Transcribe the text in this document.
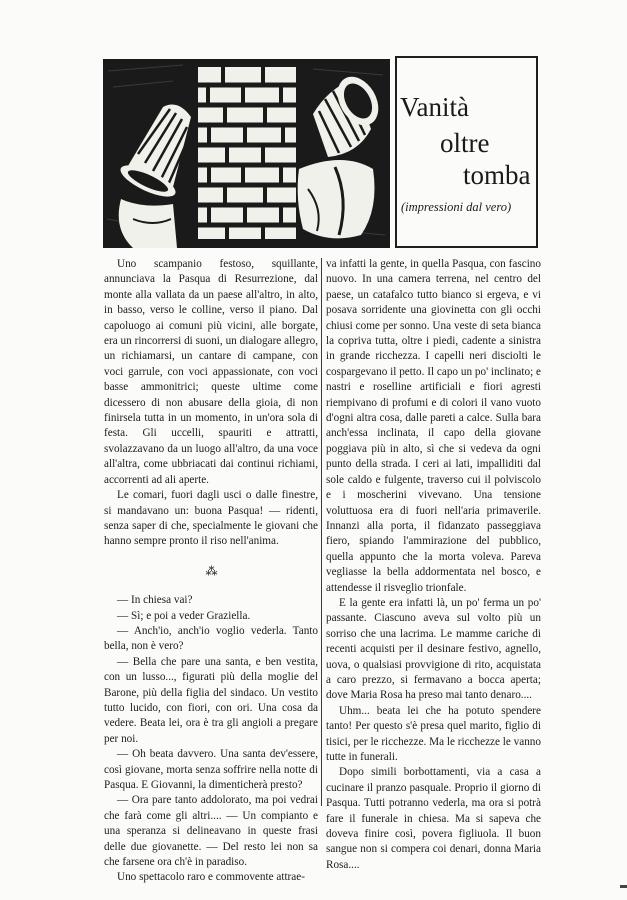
Vanità
oltre
tomba
(impressioni dal vero)

Uno scampanio festoso, squillante, annunciava la Pasqua di Resurrezione, dal monte alla vallata da un paese all'altro, in alto, in basso, verso le colline, verso il piano. Dal capoluogo ai comuni più vicini, alle borgate, era un rincorrersi di suoni, un dialogare allegro, un richiamarsi, un cantare di campane, con voci garrule, con voci appassionate, con voci basse ammonitrici; queste ultime come dicessero di non abusare della gioia, di non finirsela tutta in un momento, in un'ora sola di festa. Gli uccelli, spauriti e attratti, svolazzavano da un luogo all'altro, da una voce all'altra, come ubbriacati dai continui richiami, accorrenti ad ali aperte.

Le comari, fuori dagli usci o dalle finestre, si mandavano un: buona Pasqua! — ridenti, senza saper di che, specialmente le giovani che hanno sempre pronto il riso nell'anima.

⁂

— In chiesa vai?

— Sì; e poi a veder Graziella.

— Anch'io, anch'io voglio vederla. Tanto bella, non è vero?

— Bella che pare una santa, e ben vestita, con un lusso..., figurati più della moglie del Barone, più della figlia del sindaco. Un vestito tutto lucido, con fiori, con ori. Una cosa da vedere. Beata lei, ora è tra gli angioli a pregare per noi.

— Oh beata davvero. Una santa dev'essere, così giovane, morta senza soffrire nella notte di Pasqua. E Giovanni, la dimenticherà presto?

— Ora pare tanto addolorato, ma poi vedrai che farà come gli altri.... — Un compianto e una speranza si delineavano in queste frasi delle due giovanette. — Del resto lei non sa che farsene ora ch'è in paradiso.

Uno spettacolo raro e commovente attrae-

va infatti la gente, in quella Pasqua, con fascino nuovo. In una camera terrena, nel centro del paese, un catafalco tutto bianco si ergeva, e vi posava sorridente una giovinetta con gli occhi chiusi come per sonno. Una veste di seta bianca la copriva tutta, oltre i piedi, cadente a sinistra in grande ricchezza. I capelli neri disciolti le cospargevano il petto. Il capo un po' inclinato; e nastri e roselline artificiali e fiori agresti riempivano di profumi e di colori il vano vuoto d'ogni altra cosa, dalle pareti a calce. Sulla bara anch'essa inclinata, il capo della giovane poggiava più in alto, sì che si vedeva da ogni punto della strada. I ceri ai lati, impalliditi dal sole caldo e fulgente, traverso cui il polviscolo e i moscherini vivevano. Una tensione voluttuosa era di fuori nell'aria primaverile. Innanzi alla porta, il fidanzato passeggiava fiero, spiando l'ammirazione del pubblico, quella appunto che la morta voleva. Pareva vegliasse la bella addormentata nel bosco, e attendesse il risveglio trionfale.

E la gente era infatti là, un po' ferma un po' passante. Ciascuno aveva sul volto più un sorriso che una lacrima. Le mamme cariche di recenti acquisti per il desinare festivo, agnello, uova, o qualsiasi provvigione di rito, acquistata a caro prezzo, si fermavano a bocca aperta; dove Maria Rosa ha preso mai tanto denaro....

Uhm... beata lei che ha potuto spendere tanto! Per questo s'è presa quel marito, figlio di tisici, per le ricchezze. Ma le ricchezze le vanno tutte in funerali.

Dopo simili borbottamenti, via a casa a cucinare il pranzo pasquale. Proprio il giorno di Pasqua. Tutti potranno vederla, ma ora si potrà fare il funerale in chiesa. Ma si sapeva che doveva finire così, povera figliuola. Il buon sangue non si compera coi denari, donna Maria Rosa....
